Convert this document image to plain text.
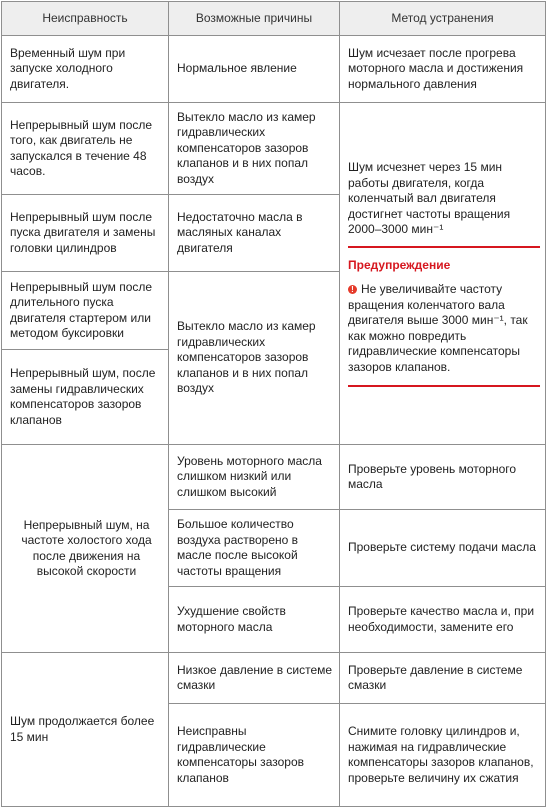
Неисправность	Возможные причины	Метод устранения
Временный шум при запуске холодного двигателя.	Нормальное явление	Шум исчезает после прогрева моторного масла и достижения нормального давления
Непрерывный шум после того, как двигатель не запускался в течение 48 часов.	Вытекло масло из камер гидравлических компенсаторов зазоров клапанов и в них попал воздух	Шум исчезнет через 15 мин работы двигателя, когда коленчатый вал двигателя достигнет частоты вращения 2000–3000 мин⁻¹
Предупреждение
! Не увеличивайте частоту вращения коленчатого вала двигателя выше 3000 мин⁻¹, так как можно повредить гидравлические компенсаторы зазоров клапанов.

Непрерывный шум после пуска двигателя и замены головки цилиндров	Недостаточно масла в масляных каналах двигателя	
Непрерывный шум после длительного пуска двигателя стартером или методом буксировки	Вытекло масло из камер гидравлических компенсаторов зазоров клапанов и в них попал воздух	
Непрерывный шум, после замены гидравлических компенсаторов зазоров клапанов		
Непрерывный шум, на частоте холостого хода после движения на высокой скорости	Уровень моторного масла слишком низкий или слишком высокий	Проверьте уровень моторного масла
	Большое количество воздуха растворено в масле после высокой частоты вращения	Проверьте систему подачи масла
	Ухудшение свойств моторного масла	Проверьте качество масла и, при необходимости, замените его
Шум продолжается более 15 мин	Низкое давление в системе смазки	Проверьте давление в системе смазки
	Неисправны гидравлические компенсаторы зазоров клапанов	Снимите головку цилиндров и, нажимая на гидравлические компенсаторы зазоров клапанов, проверьте величину их сжатия
